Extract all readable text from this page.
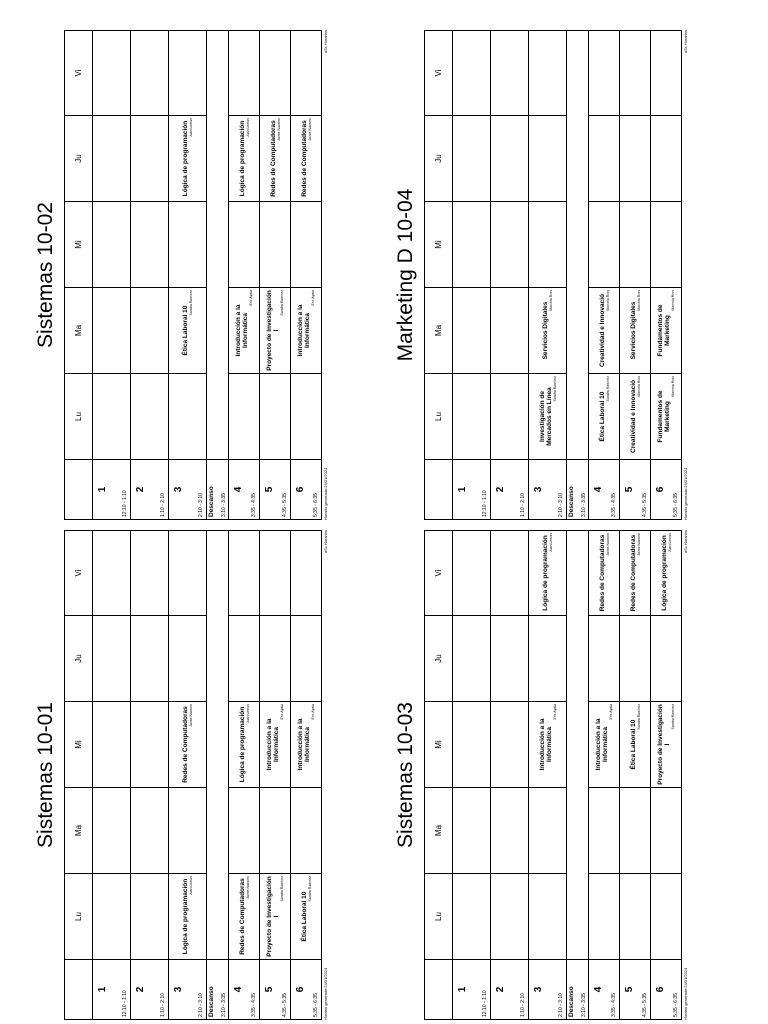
Sistemas 10-02
Lu
Ma
Mi
Ju
Vi
1
12:10 - 1:10
2
1:10 - 2:10
3
2:10 - 3:10
Ética Laboral 10
Sandra Ramírez
Lógica de programación Juan Lemus
Descanso 3:10 - 3:35
4
3:35 - 4:35
Introducción a la Informática
Eric Ayala
Lógica de programación Juan Lemus
5
4:35 - 5:35
Proyecto de Investigación I
Sandra Ramírez
Redes de Computadoras Jaime Navarro
6
5:35 - 6:35
Introducción a la Informática
Eric Ayala
Redes de Computadoras Jaime Navarro
Horario generado:24/01/2024
aSc Horarios
Sistemas 10-01
Lu
Ma
Mi
Ju
Vi
1
12:10 - 1:10
2
1:10 - 2:10
3
2:10 - 3:10
Lógica de programación Juan Lemus
Redes de Computadoras Jaime Navarro
Descanso 3:10 - 3:35
4
3:35 - 4:35
Redes de Computadoras Jaime Navarro
Lógica de programación Juan Lemus
5
4:35 - 5:35
Proyecto de Investigación I
Sandra Ramírez
Introducción a la Informática
Eric Ayala
6
5:35 - 6:35
Ética Laboral 10
Sandra Ramírez
Introducción a la Informática
Eric Ayala
Horario generado:24/01/2024
aSc Horarios
Marketing D 10-04
Lu
Ma
Mi
Ju
Vi
1
12:10 - 1:10
2
1:10 - 2:10
3
2:10 - 3:10
Investigación de Mercados en Línea Sandra Ramírez
Servicios Digitales
Marcela Ríos
Descanso 3:10 - 3:35
4
3:35 - 4:35
Ética Laboral 10
Sandra Ramírez
Creatividad e Innovació Marcela Ríos
5
4:35 - 5:35
Creatividad e Innovació Marcela Ríos
Servicios Digitales
Marcela Ríos
6
5:35 - 6:35
Fundamentos de Marketing
Marcela Ríos
Fundamentos de Marketing
Marcela Ríos
Horario generado:24/01/2024
aSc Horarios
Sistemas 10-03
Lu
Ma
Mi
Ju
Vi
1
12:10 - 1:10
2
1:10 - 2:10
3
2:10 - 3:10
Introducción a la Informática
Eric Ayala
Lógica de programación Juan Lemus
Descanso 3:10 - 3:35
4
3:35 - 4:35
Introducción a la Informática
Eric Ayala
Redes de Computadoras Jaime Navarro
5
4:35 - 5:35
Ética Laboral 10
Sandra Ramírez
Redes de Computadoras Jaime Navarro
6
5:35 - 6:35
Proyecto de Investigación I
Sandra Ramírez
Lógica de programación Juan Lemus
Horario generado:24/01/2024
aSc Horarios
